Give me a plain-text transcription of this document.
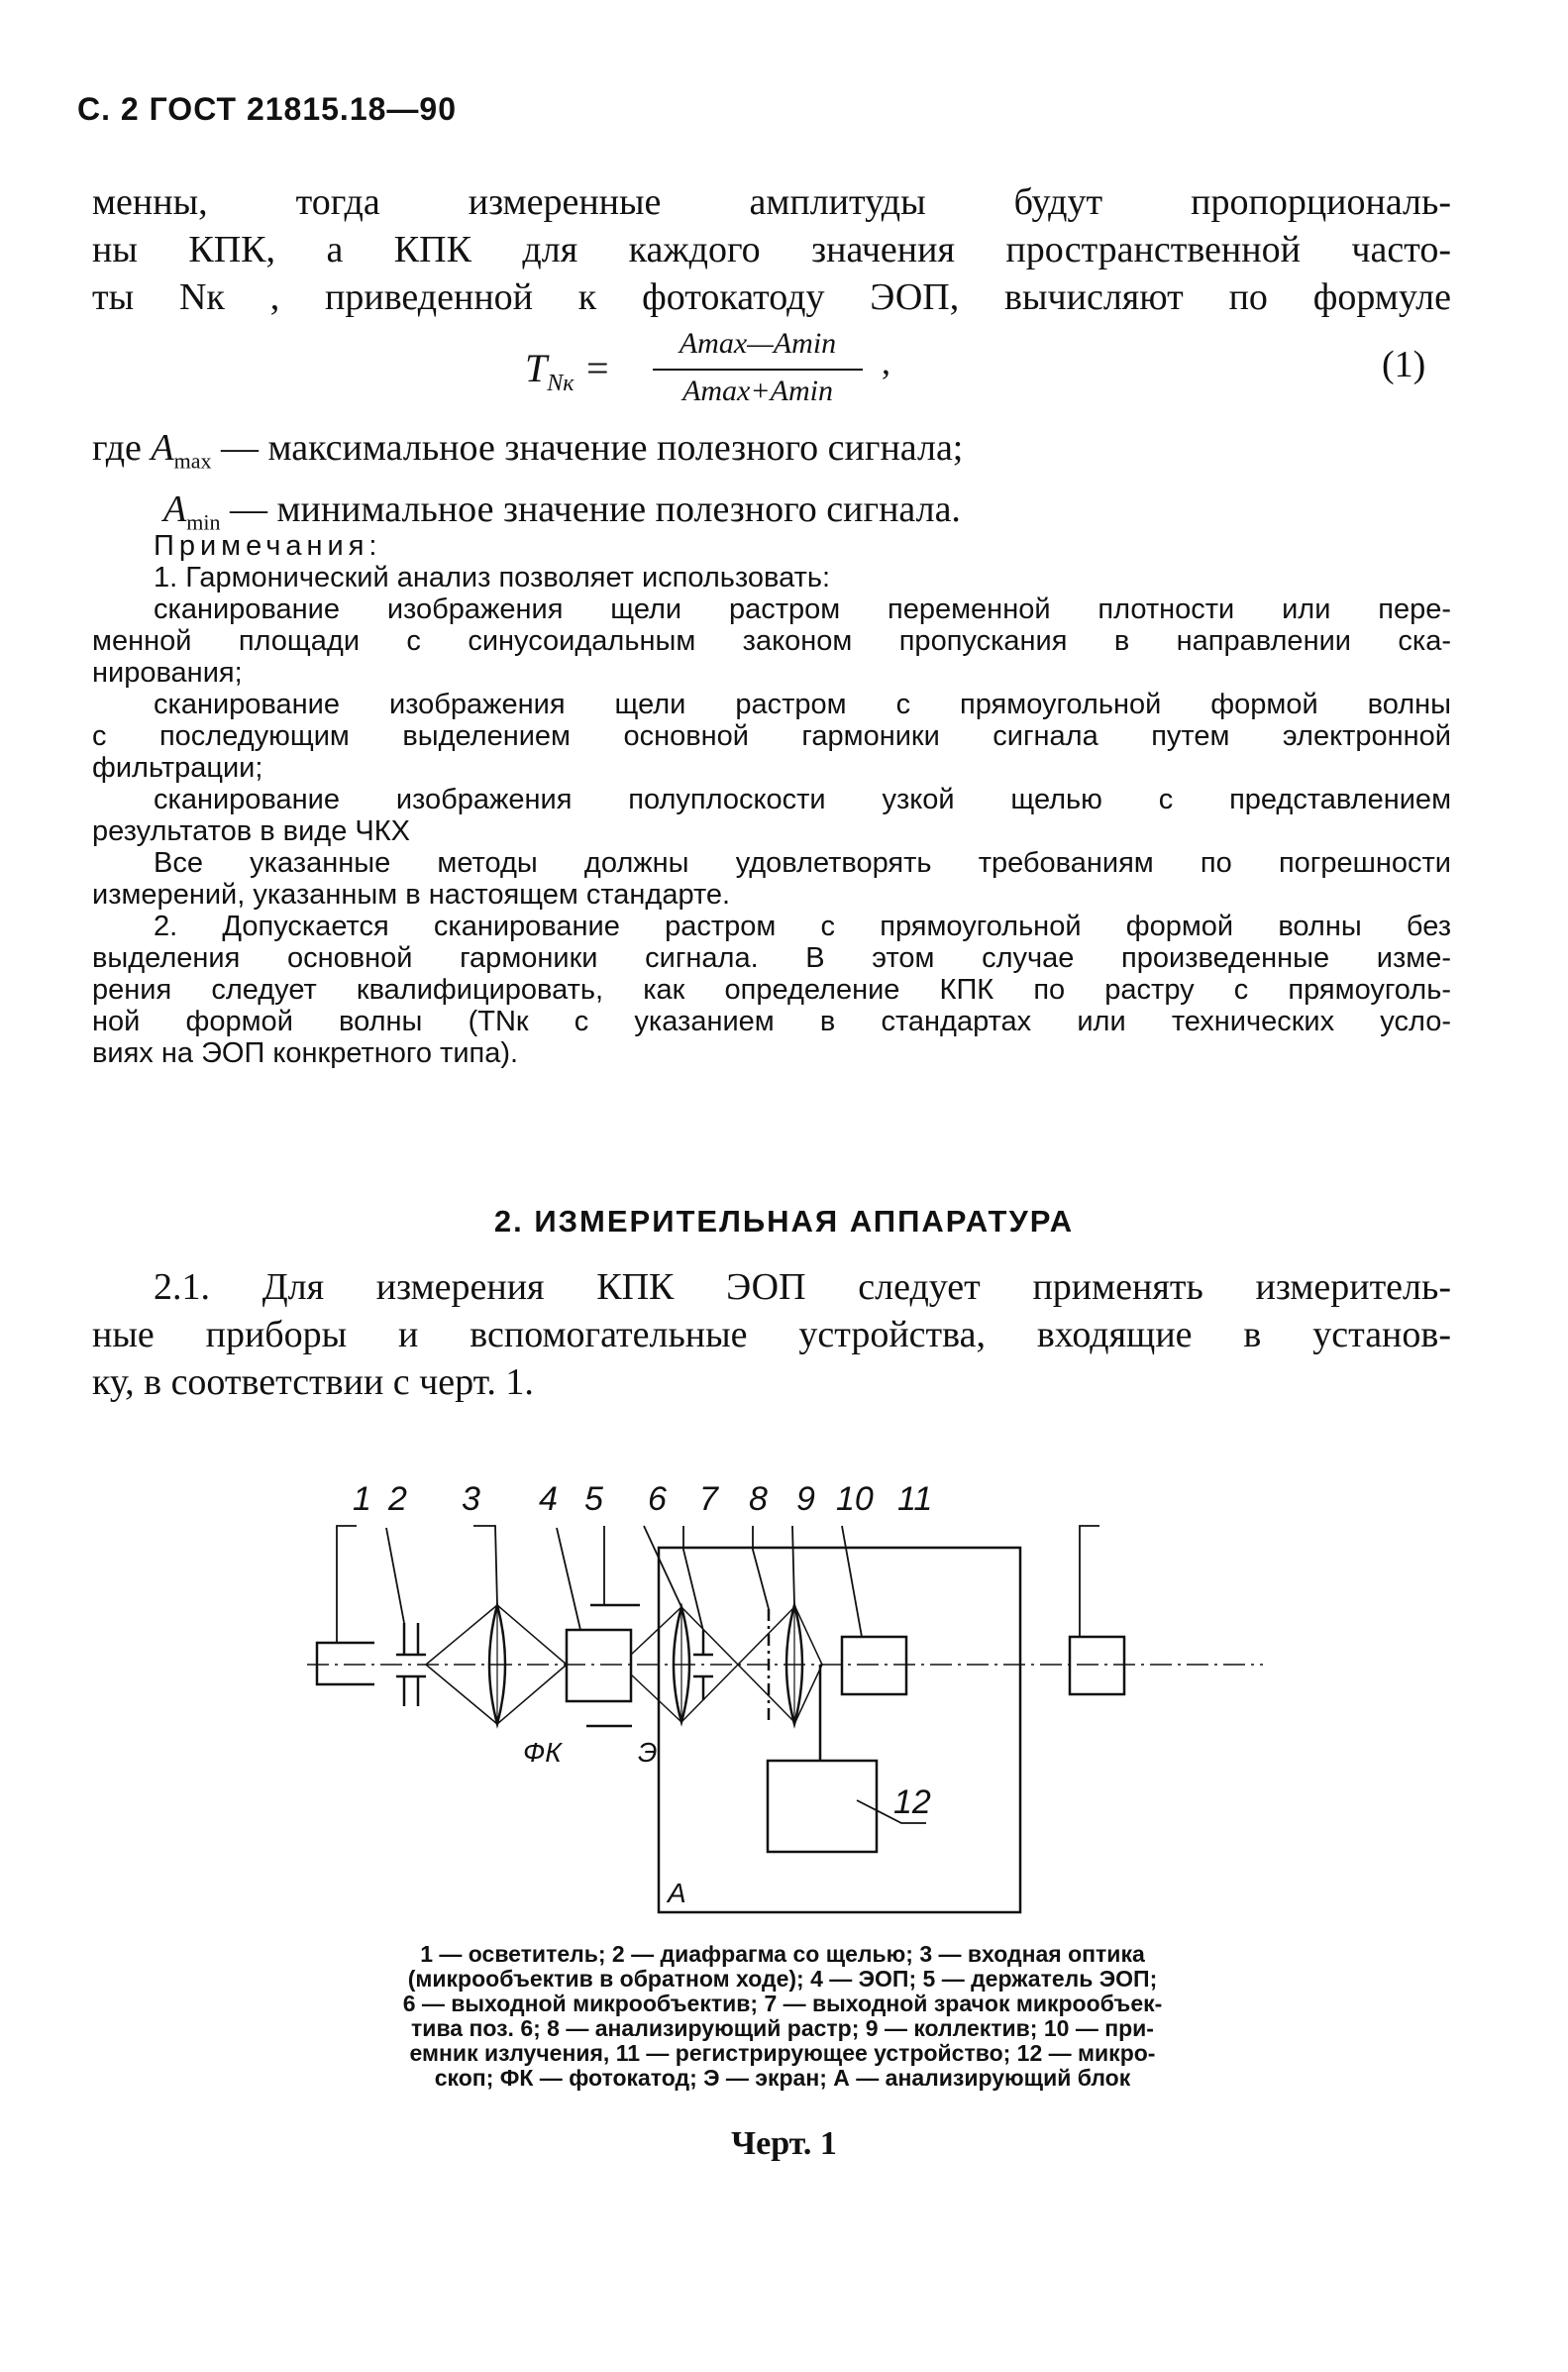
С. 2 ГОСТ 21815.18—90
менны, тогда измеренные амплитуды будут пропорциональ-
ны КПК, а КПК для каждого значения пространственной часто-
ты Nк , приведенной к фотокатоду ЭОП, вычисляют по формуле
$T_{Nк}$ =
Amax—Amin
Amax+Amin
,	(1)
где $A_{max}$ — максимальное значение полезного сигнала;
$A_{min}$ — минимальное значение полезного сигнала.
Примечания:
1. Гармонический анализ позволяет использовать:
сканирование изображения щели растром переменной плотности или пере-
менной площади с синусоидальным законом пропускания в направлении ска-
нирования;
сканирование изображения щели растром с прямоугольной формой волны
с последующим выделением основной гармоники сигнала путем электронной
фильтрации;
сканирование изображения полуплоскости узкой щелью с представлением
результатов в виде ЧКХ
Все указанные методы должны удовлетворять требованиям по погрешности
измерений, указанным в настоящем стандарте.
2. Допускается сканирование растром с прямоугольной формой волны без
выделения основной гармоники сигнала. В этом случае произведенные изме-
рения следует квалифицировать, как определение КПК по растру с прямоуголь-
ной формой волны (TNк с указанием в стандартах или технических усло-
виях на ЭОП конкретного типа).
2. ИЗМЕРИТЕЛЬНАЯ АППАРАТУРА
2.1. Для измерения КПК ЭОП следует применять измеритель-
ные приборы и вспомогательные устройства, входящие в установ-
ку, в соответствии с черт. 1.
1 2 3 4 5 6 7 8 9 10 11
12
ФК	Э
А
1 — осветитель; 2 — диафрагма со щелью; 3 — входная оптика
(микрообъектив в обратном ходе); 4 — ЭОП; 5 — держатель ЭОП;
6 — выходной микрообъектив; 7 — выходной зрачок микрообъек-
тива поз. 6; 8 — анализирующий растр; 9 — коллектив; 10 — при-
емник излучения, 11 — регистрирующее устройство; 12 — микро-
скоп; ФК — фотокатод; Э — экран; А — анализирующий блок
Черт. 1
